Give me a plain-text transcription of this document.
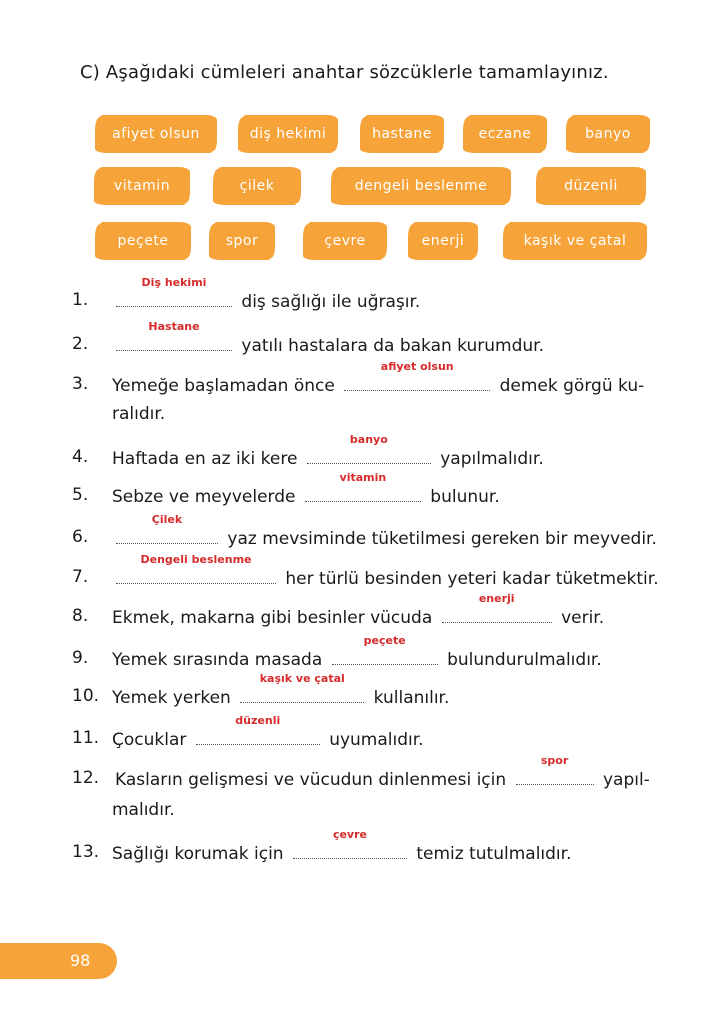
C) Aşağıdaki cümleleri anahtar sözcüklerle tamamlayınız.
afiyet olsun	diş hekimi	hastane	eczane	banyo
vitamin	çilek	dengeli beslenme	düzenli
peçete	spor	çevre	enerji	kaşık ve çatal
1.
Diş hekimi
diş sağlığı ile uğraşır.
2.
Hastane
yatılı hastalara da bakan kurumdur.
3. Yemeğe başlamadan önce
afiyet olsun
demek görgü ku-
ralıdır.
4. Haftada en az iki kere
banyo
yapılmalıdır.
5. Sebze ve meyvelerde
vitamin
bulunur.
6.
Çilek
yaz mevsiminde tüketilmesi gereken bir meyvedir.
7.
Dengeli beslenme
her türlü besinden yeteri kadar tüketmektir.
8. Ekmek, makarna gibi besinler vücuda
enerji
verir.
9. Yemek sırasında masada
peçete
bulundurulmalıdır.
10. Yemek yerken
kaşık ve çatal
kullanılır.
11. Çocuklar
düzenli
uyumalıdır.
12. Kasların gelişmesi ve vücudun dinlenmesi için
spor
yapıl-
malıdır.
13. Sağlığı korumak için
çevre
temiz tutulmalıdır.
98
